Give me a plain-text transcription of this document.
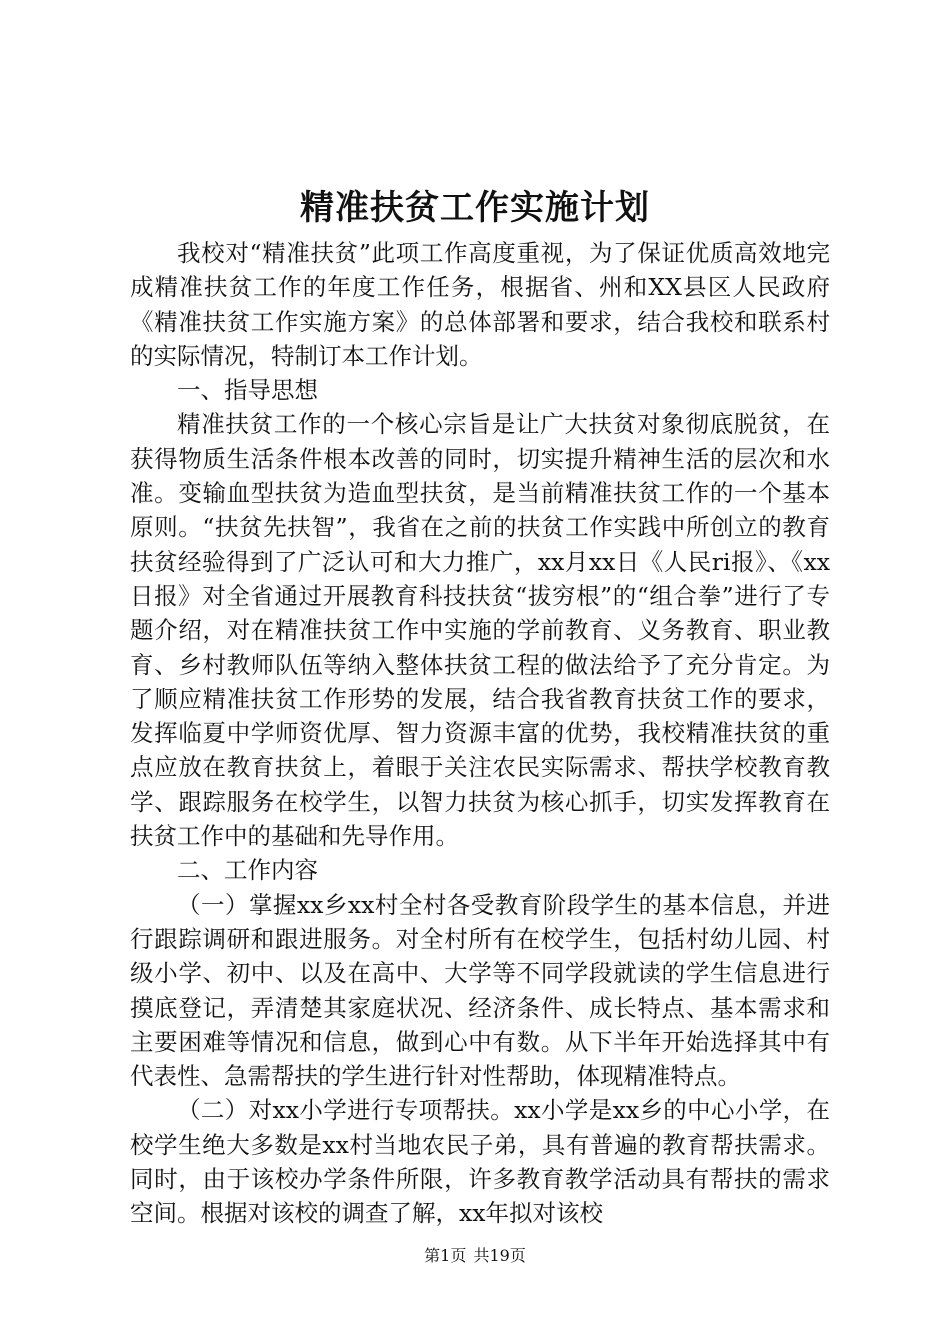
精准扶贫工作实施计划

我校对“精准扶贫”此项工作高度重视，为了保证优质高效地完成精准扶贫工作的年度工作任务，根据省、州和XX县区人民政府《精准扶贫工作实施方案》的总体部署和要求，结合我校和联系村的实际情况，特制订本工作计划。

一、指导思想

精准扶贫工作的一个核心宗旨是让广大扶贫对象彻底脱贫，在获得物质生活条件根本改善的同时，切实提升精神生活的层次和水准。变输血型扶贫为造血型扶贫，是当前精准扶贫工作的一个基本原则。“扶贫先扶智”，我省在之前的扶贫工作实践中所创立的教育扶贫经验得到了广泛认可和大力推广，xx月xx日《人民ri报》、《xx日报》对全省通过开展教育科技扶贫“拔穷根”的“组合拳”进行了专题介绍，对在精准扶贫工作中实施的学前教育、义务教育、职业教育、乡村教师队伍等纳入整体扶贫工程的做法给予了充分肯定。为了顺应精准扶贫工作形势的发展，结合我省教育扶贫工作的要求，发挥临夏中学师资优厚、智力资源丰富的优势，我校精准扶贫的重点应放在教育扶贫上，着眼于关注农民实际需求、帮扶学校教育教学、跟踪服务在校学生，以智力扶贫为核心抓手，切实发挥教育在扶贫工作中的基础和先导作用。

二、工作内容

（一）掌握xx乡xx村全村各受教育阶段学生的基本信息，并进行跟踪调研和跟进服务。对全村所有在校学生，包括村幼儿园、村级小学、初中、以及在高中、大学等不同学段就读的学生信息进行摸底登记，弄清楚其家庭状况、经济条件、成长特点、基本需求和主要困难等情况和信息，做到心中有数。从下半年开始选择其中有代表性、急需帮扶的学生进行针对性帮助，体现精准特点。

（二）对xx小学进行专项帮扶。xx小学是xx乡的中心小学，在校学生绝大多数是xx村当地农民子弟，具有普遍的教育帮扶需求。同时，由于该校办学条件所限，许多教育教学活动具有帮扶的需求空间。根据对该校的调查了解，xx年拟对该校

第1页 共19页
